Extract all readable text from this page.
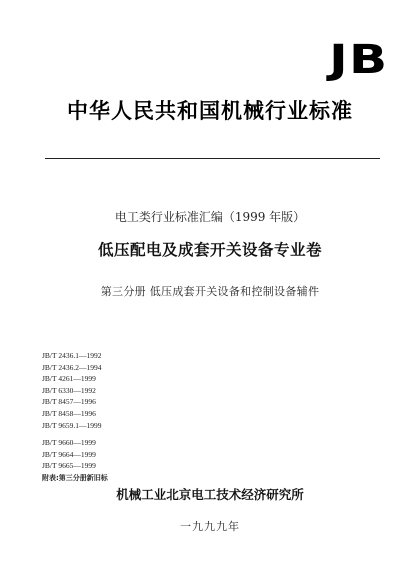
JB
中华人民共和国机械行业标准
电工类行业标准汇编（1999 年版）
低压配电及成套开关设备专业卷
第三分册 低压成套开关设备和控制设备辅件
JB/T 2436.1—1992
JB/T 2436.2—1994
JB/T 4261—1999
JB/T 6330—1992
JB/T 8457—1996
JB/T 8458—1996
JB/T 9659.1—1999
JB/T 9660—1999
JB/T 9664—1999
JB/T 9665—1999
附表:第三分册新旧标
机械工业北京电工技术经济研究所
一九九九年
